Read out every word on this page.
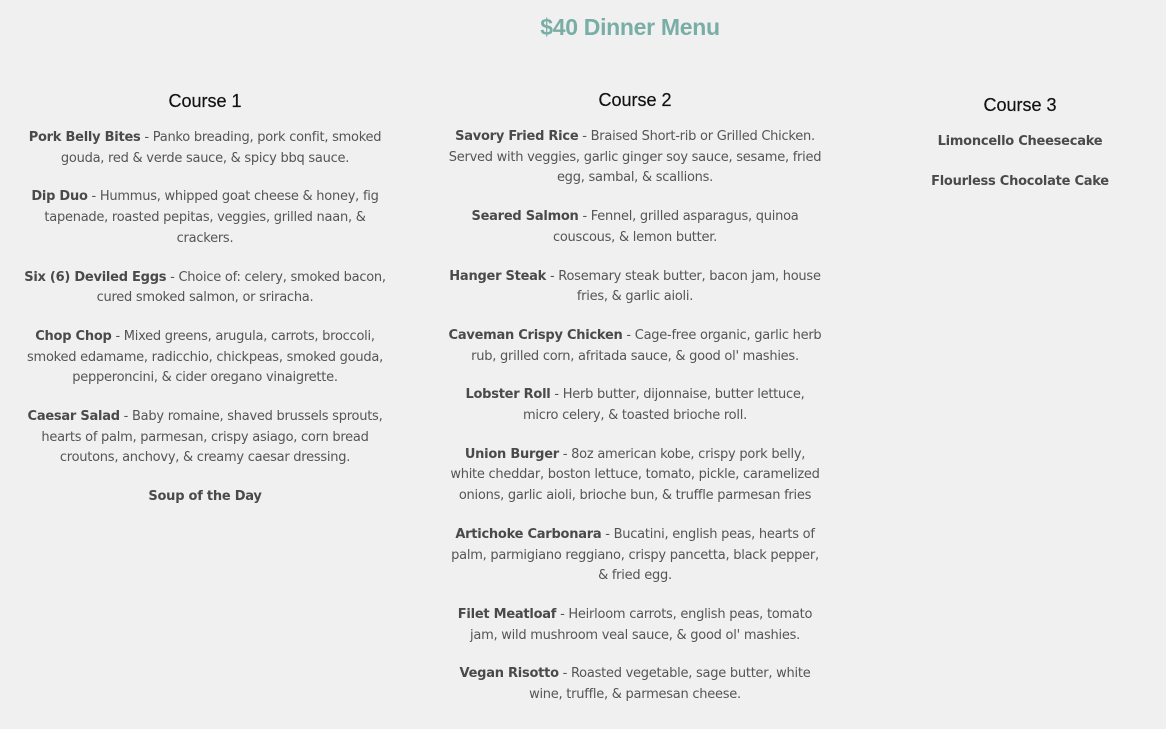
$40 Dinner Menu
Course 1

Pork Belly Bites - Panko breading, pork confit, smoked gouda, red & verde sauce, & spicy bbq sauce.

Dip Duo - Hummus, whipped goat cheese & honey, fig tapenade, roasted pepitas, veggies, grilled naan, & crackers.

Six (6) Deviled Eggs - Choice of: celery, smoked bacon, cured smoked salmon, or sriracha.

Chop Chop - Mixed greens, arugula, carrots, broccoli, smoked edamame, radicchio, chickpeas, smoked gouda, pepperoncini, & cider oregano vinaigrette.

Caesar Salad - Baby romaine, shaved brussels sprouts, hearts of palm, parmesan, crispy asiago, corn bread croutons, anchovy, & creamy caesar dressing.

Soup of the Day

Course 2

Savory Fried Rice - Braised Short-rib or Grilled Chicken. Served with veggies, garlic ginger soy sauce, sesame, fried egg, sambal, & scallions.

Seared Salmon - Fennel, grilled asparagus, quinoa couscous, & lemon butter.

Hanger Steak - Rosemary steak butter, bacon jam, house fries, & garlic aioli.

Caveman Crispy Chicken - Cage-free organic, garlic herb rub, grilled corn, afritada sauce, & good ol' mashies.

Lobster Roll - Herb butter, dijonnaise, butter lettuce, micro celery, & toasted brioche roll.

Union Burger - 8oz american kobe, crispy pork belly, white cheddar, boston lettuce, tomato, pickle, caramelized onions, garlic aioli, brioche bun, & truffle parmesan fries

Artichoke Carbonara - Bucatini, english peas, hearts of palm, parmigiano reggiano, crispy pancetta, black pepper, & fried egg.

Filet Meatloaf - Heirloom carrots, english peas, tomato jam, wild mushroom veal sauce, & good ol' mashies.

Vegan Risotto - Roasted vegetable, sage butter, white wine, truffle, & parmesan cheese.

Course 3

Limoncello Cheesecake

Flourless Chocolate Cake
